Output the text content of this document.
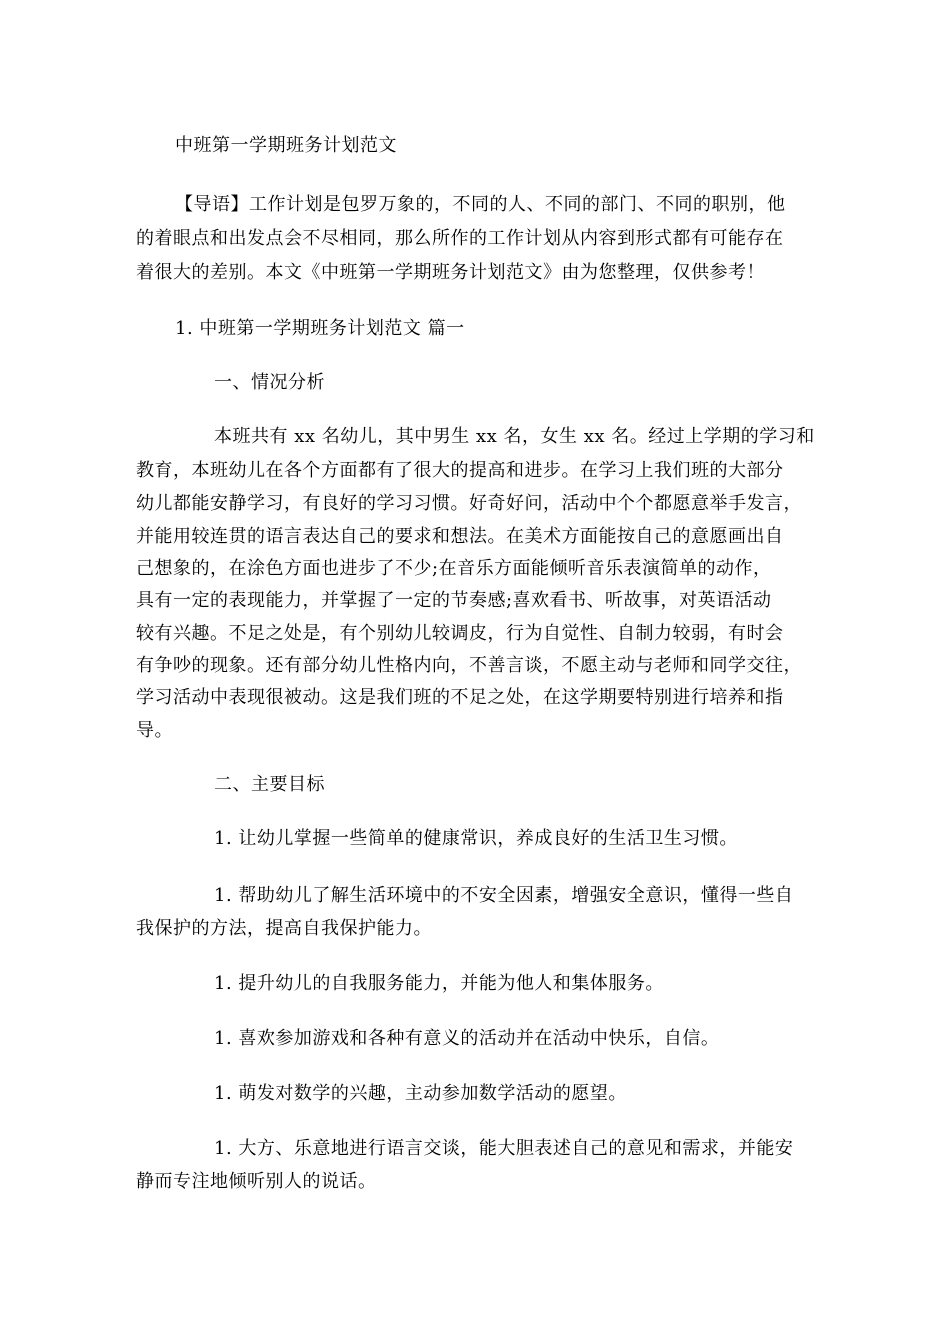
中班第一学期班务计划范文
【导语】工作计划是包罗万象的，不同的人、不同的部门、不同的职别，他
的着眼点和出发点会不尽相同，那么所作的工作计划从内容到形式都有可能存在
着很大的差别。本文《中班第一学期班务计划范文》由为您整理，仅供参考！
1. 中班第一学期班务计划范文 篇一
一、情况分析
本班共有 xx 名幼儿，其中男生 xx 名，女生 xx 名。经过上学期的学习和
教育，本班幼儿在各个方面都有了很大的提高和进步。在学习上我们班的大部分
幼儿都能安静学习，有良好的学习习惯。好奇好问，活动中个个都愿意举手发言，
并能用较连贯的语言表达自己的要求和想法。在美术方面能按自己的意愿画出自
己想象的，在涂色方面也进步了不少;在音乐方面能倾听音乐表演简单的动作，
具有一定的表现能力，并掌握了一定的节奏感;喜欢看书、听故事，对英语活动
较有兴趣。不足之处是，有个别幼儿较调皮，行为自觉性、自制力较弱，有时会
有争吵的现象。还有部分幼儿性格内向，不善言谈，不愿主动与老师和同学交往，
学习活动中表现很被动。这是我们班的不足之处，在这学期要特别进行培养和指
导。
二、主要目标
1. 让幼儿掌握一些简单的健康常识，养成良好的生活卫生习惯。
1. 帮助幼儿了解生活环境中的不安全因素，增强安全意识，懂得一些自
我保护的方法，提高自我保护能力。
1. 提升幼儿的自我服务能力，并能为他人和集体服务。
1. 喜欢参加游戏和各种有意义的活动并在活动中快乐，自信。
1. 萌发对数学的兴趣，主动参加数学活动的愿望。
1. 大方、乐意地进行语言交谈，能大胆表述自己的意见和需求，并能安
静而专注地倾听别人的说话。
